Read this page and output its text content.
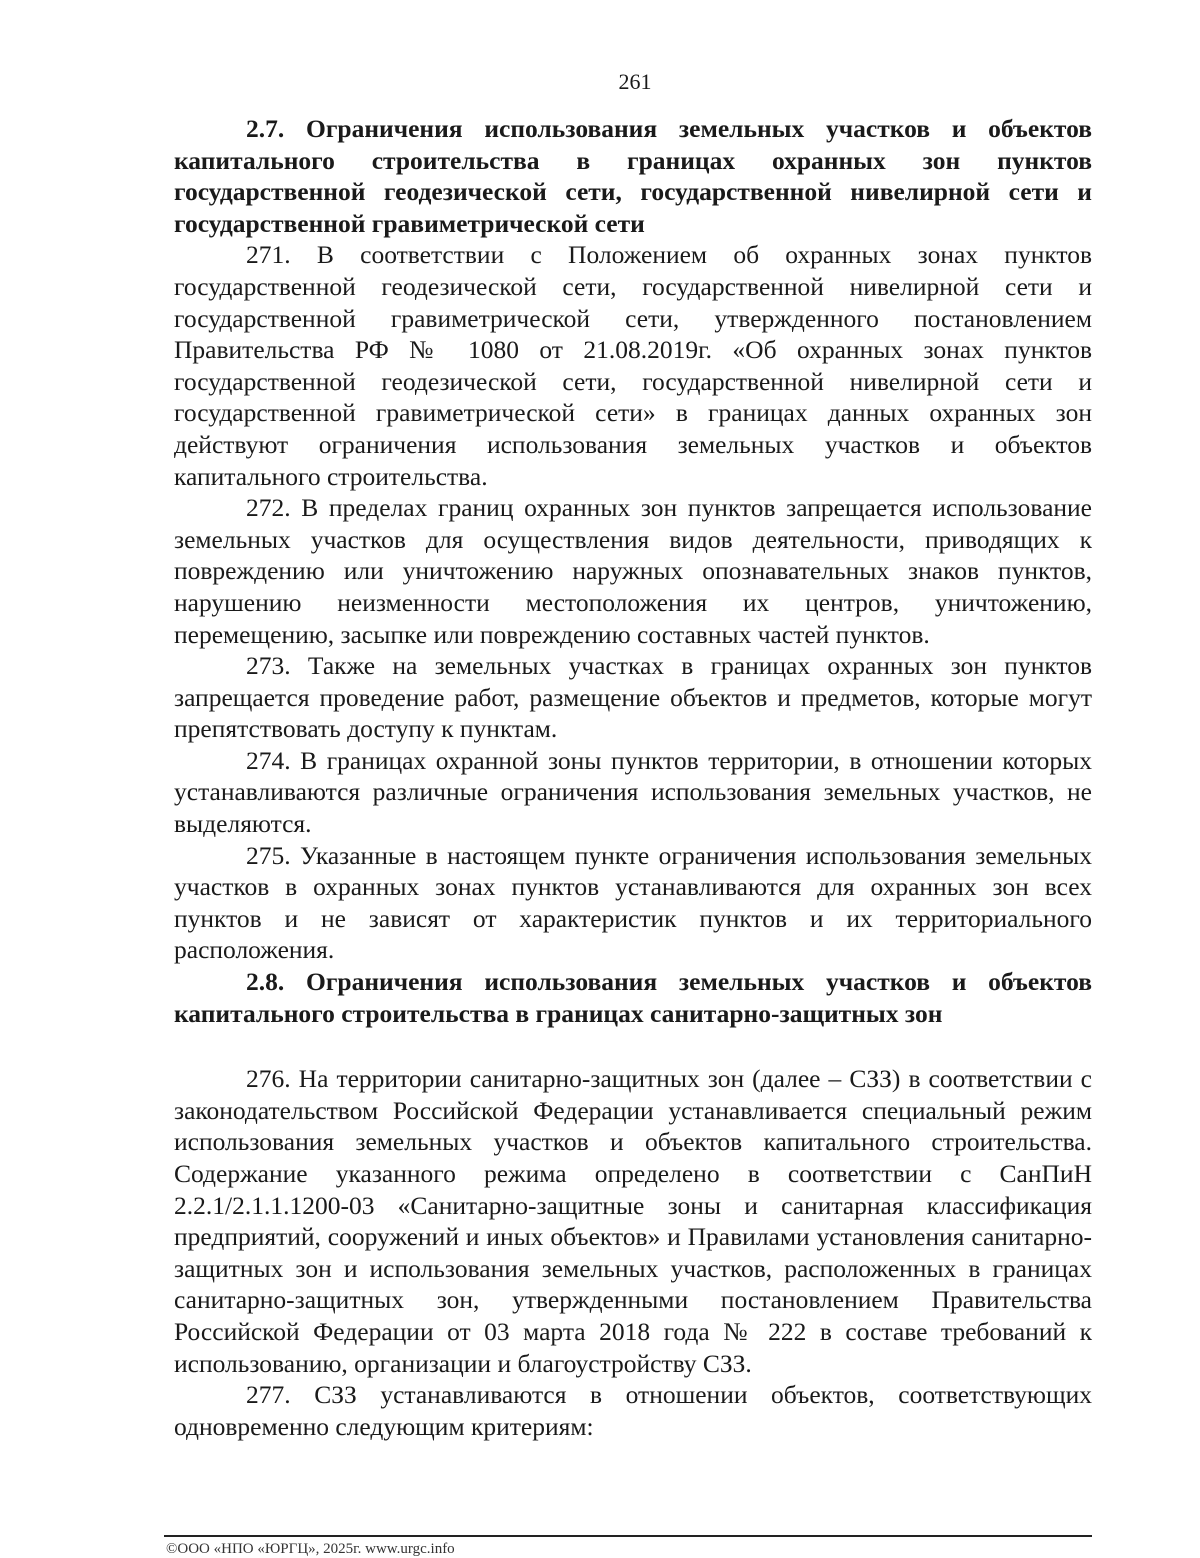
261

2.7. Ограничения использования земельных участков и объектов капитального строительства в границах охранных зон пунктов государственной геодезической сети, государственной нивелирной сети и государственной гравиметрической сети

271. В соответствии с Положением об охранных зонах пунктов государственной геодезической сети, государственной нивелирной сети и государственной гравиметрической сети, утвержденного постановлением Правительства РФ № 1080 от 21.08.2019г. «Об охранных зонах пунктов государственной геодезической сети, государственной нивелирной сети и государственной гравиметрической сети» в границах данных охранных зон действуют ограничения использования земельных участков и объектов капитального строительства.

272. В пределах границ охранных зон пунктов запрещается использование земельных участков для осуществления видов деятельности, приводящих к повреждению или уничтожению наружных опознавательных знаков пунктов, нарушению неизменности местоположения их центров, уничтожению, перемещению, засыпке или повреждению составных частей пунктов.

273. Также на земельных участках в границах охранных зон пунктов запрещается проведение работ, размещение объектов и предметов, которые могут препятствовать доступу к пунктам.

274. В границах охранной зоны пунктов территории, в отношении которых устанавливаются различные ограничения использования земельных участков, не выделяются.

275. Указанные в настоящем пункте ограничения использования земельных участков в охранных зонах пунктов устанавливаются для охранных зон всех пунктов и не зависят от характеристик пунктов и их территориального расположения.

2.8. Ограничения использования земельных участков и объектов капитального строительства в границах санитарно-защитных зон

276. На территории санитарно-защитных зон (далее – СЗЗ) в соответствии с законодательством Российской Федерации устанавливается специальный режим использования земельных участков и объектов капитального строительства. Содержание указанного режима определено в соответствии с СанПиН 2.2.1/2.1.1.1200-03 «Санитарно-защитные зоны и санитарная классификация предприятий, сооружений и иных объектов» и Правилами установления санитарно-защитных зон и использования земельных участков, расположенных в границах санитарно-защитных зон, утвержденными постановлением Правительства Российской Федерации от 03 марта 2018 года № 222 в составе требований к использованию, организации и благоустройству СЗЗ.

277. СЗЗ устанавливаются в отношении объектов, соответствующих одновременно следующим критериям:

©ООО «НПО «ЮРГЦ», 2025г. www.urgc.info
